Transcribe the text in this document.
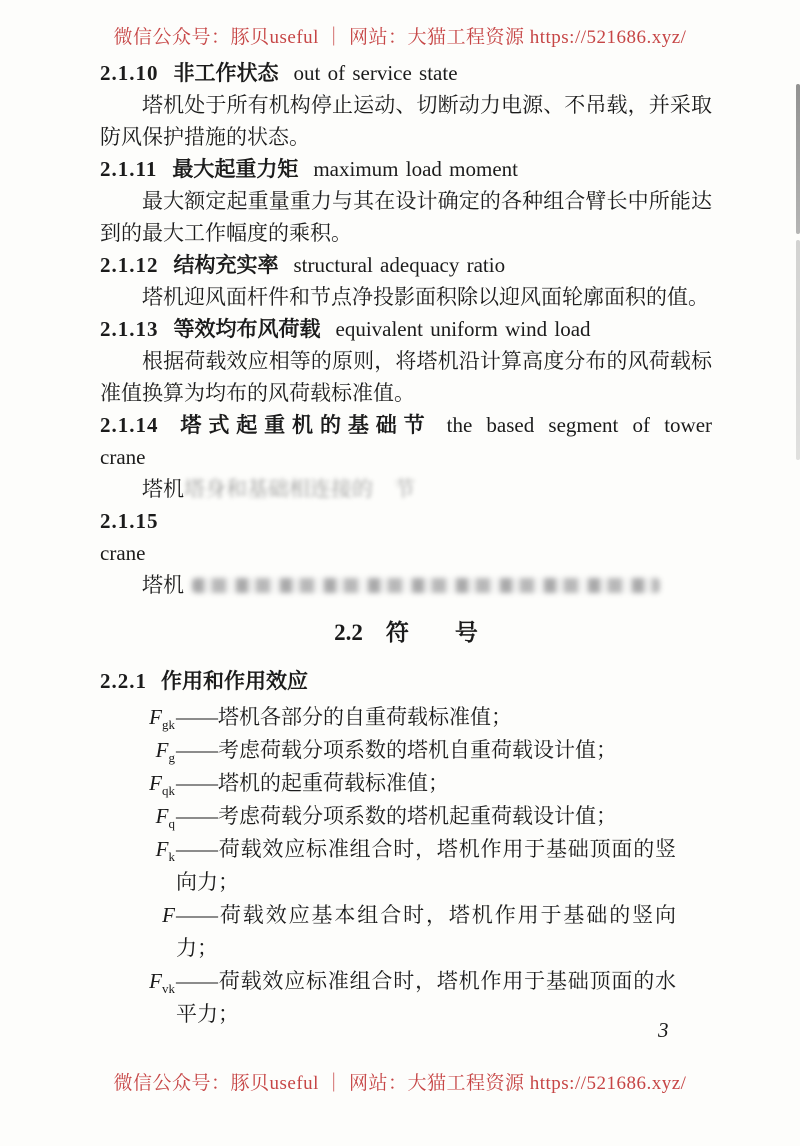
微信公众号：豚贝useful ｜ 网站：大猫工程资源 https://521686.xyz/
2.1.10 非工作状态 out of service state

塔机处于所有机构停止运动、切断动力电源、不吊载，并采取防风保护措施的状态。

2.1.11 最大起重力矩 maximum load moment

最大额定起重量重力与其在设计确定的各种组合臂长中所能达到的最大工作幅度的乘积。

2.1.12 结构充实率 structural adequacy ratio

塔机迎风面杆件和节点净投影面积除以迎风面轮廓面积的值。

2.1.13 等效均布风荷载 equivalent uniform wind load

根据荷载效应相等的原则，将塔机沿计算高度分布的风荷载标准值换算为均布的风荷载标准值。

2.1.14 塔式起重机的基础节 the based segment of tower
crane

塔机塔身和基础相连接的　节

2.1.15
crane

塔机

2.2　符　　号
2.2.1 作用和作用效应
$F_{gk}$ ——塔机各部分的自重荷载标准值；
$F_g$ ——考虑荷载分项系数的塔机自重荷载设计值；
$F_{qk}$ ——塔机的起重荷载标准值；
$F_q$ ——考虑荷载分项系数的塔机起重荷载设计值；
$F_k$ ——荷载效应标准组合时，塔机作用于基础顶面的竖向力；
F ——荷载效应基本组合时，塔机作用于基础的竖向力；
$F_{vk}$ ——荷载效应标准组合时，塔机作用于基础顶面的水平力；
3
微信公众号：豚贝useful ｜ 网站：大猫工程资源 https://521686.xyz/
